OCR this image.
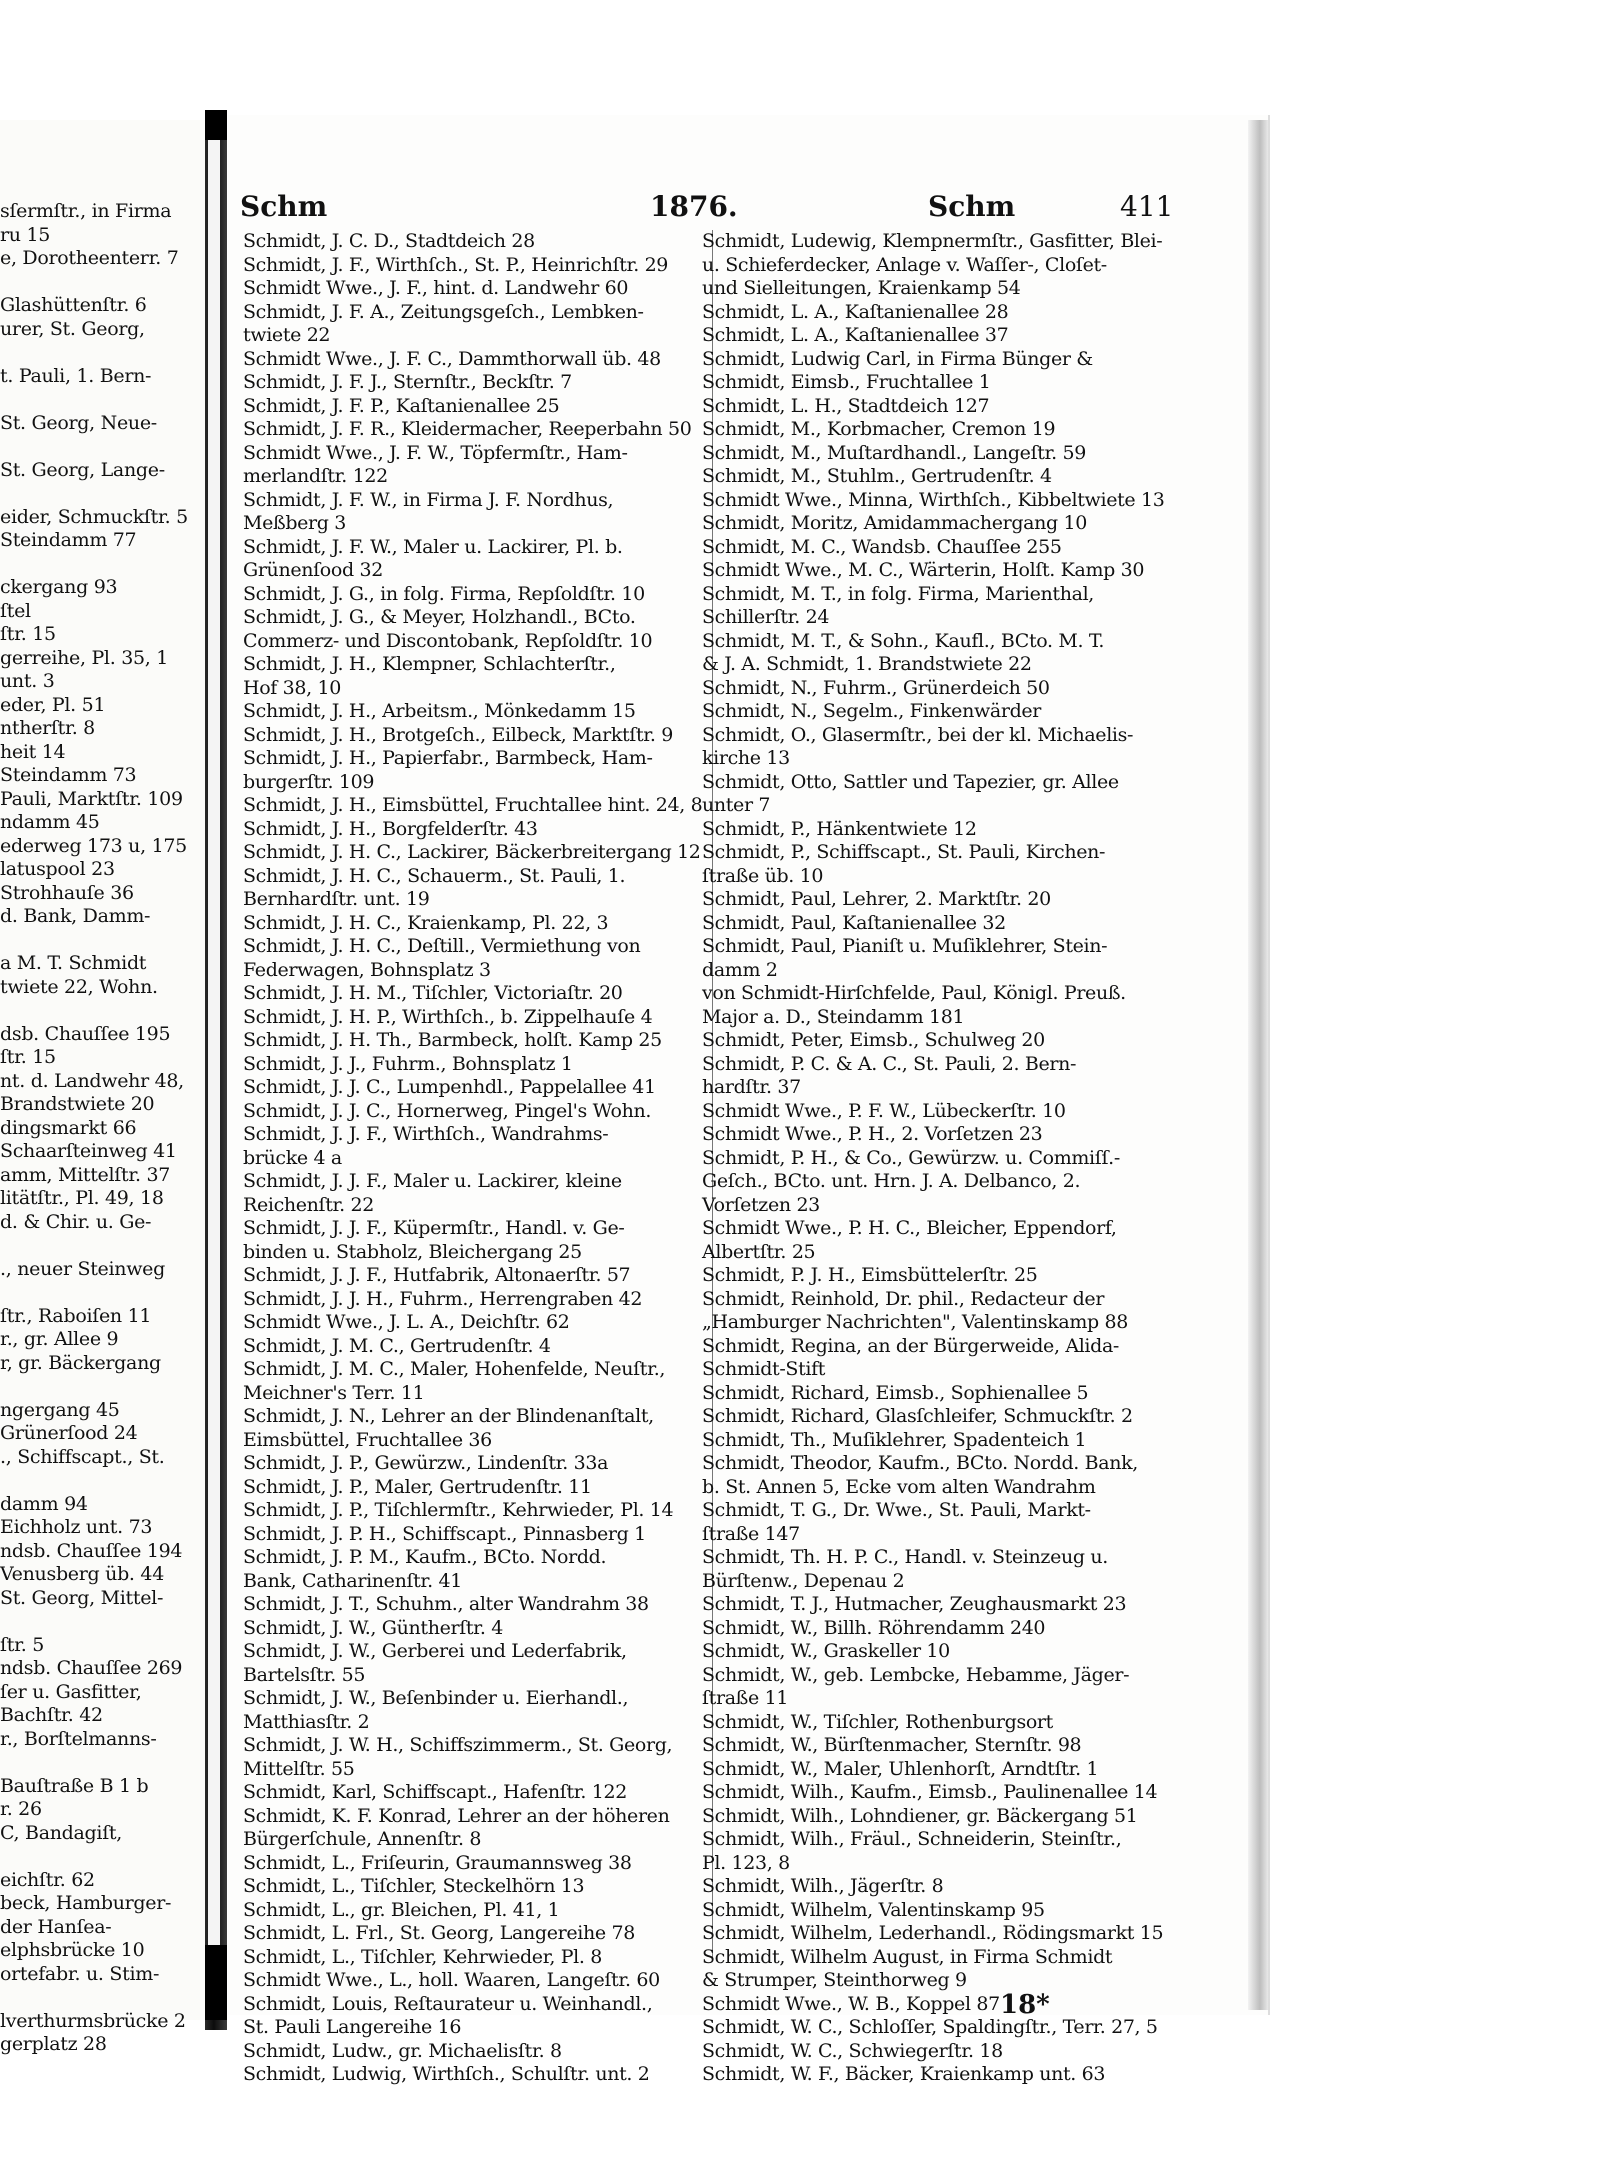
sſermſtr., in Firma
ru 15
e, Dorotheenterr. 7
Glashüttenſtr. 6
urer, St. Georg,
t. Pauli, 1. Bern-
St. Georg, Neue-
St. Georg, Lange-
eider, Schmuckſtr. 5
Steindamm 77
ckergang 93
ſtel
ſtr. 15
gerreihe, Pl. 35, 1
unt. 3
eder, Pl. 51
ntherſtr. 8
heit 14
Steindamm 73
Pauli, Marktſtr. 109
ndamm 45
ederweg 173 u, 175
latuspool 23
Strohhauſe 36
d. Bank, Damm-
a M. T. Schmidt
twiete 22, Wohn.
dsb. Chauſſee 195
ſtr. 15
nt. d. Landwehr 48,
Brandstwiete 20
dingsmarkt 66
Schaarſteinweg 41
amm, Mittelſtr. 37
litätſtr., Pl. 49, 18
d. & Chir. u. Ge-
., neuer Steinweg
ſtr., Raboiſen 11
r., gr. Allee 9
r, gr. Bäckergang
ngergang 45
Grünerſood 24
., Schiffscapt., St.
damm 94
Eichholz unt. 73
ndsb. Chauſſee 194
Venusberg üb. 44
St. Georg, Mittel-
ſtr. 5
ndsb. Chauſſee 269
ſer u. Gasfitter,
Bachſtr. 42
r., Borſtelmanns-
Bauſtraße B 1 b
r. 26
C, Bandagiſt,
eichſtr. 62
beck, Hamburger-
der Hanſea-
elphsbrücke 10
ortefabr. u. Stim-
lverthurmsbrücke 2
gerplatz 28
Schm	1876.	Schm	411
Schmidt, J. C. D., Stadtdeich 28
Schmidt, J. F., Wirthſch., St. P., Heinrichſtr. 29
Schmidt Wwe., J. F., hint. d. Landwehr 60
Schmidt, J. F. A., Zeitungsgeſch., Lembken-
twiete 22
Schmidt Wwe., J. F. C., Dammthorwall üb. 48
Schmidt, J. F. J., Sternſtr., Beckſtr. 7
Schmidt, J. F. P., Kaſtanienallee 25
Schmidt, J. F. R., Kleidermacher, Reeperbahn 50
Schmidt Wwe., J. F. W., Töpfermſtr., Ham-
merlandſtr. 122
Schmidt, J. F. W., in Firma J. F. Nordhus,
Meßberg 3
Schmidt, J. F. W., Maler u. Lackirer, Pl. b.
Grünenſood 32
Schmidt, J. G., in folg. Firma, Repſoldſtr. 10
Schmidt, J. G., & Meyer, Holzhandl., BCto.
Commerz- und Discontobank, Repſoldſtr. 10
Schmidt, J. H., Klempner, Schlachterſtr.,
Hof 38, 10
Schmidt, J. H., Arbeitsm., Mönkedamm 15
Schmidt, J. H., Brotgeſch., Eilbeck, Marktſtr. 9
Schmidt, J. H., Papierfabr., Barmbeck, Ham-
burgerſtr. 109
Schmidt, J. H., Eimsbüttel, Fruchtallee hint. 24, 8
Schmidt, J. H., Borgfelderſtr. 43
Schmidt, J. H. C., Lackirer, Bäckerbreitergang 12
Schmidt, J. H. C., Schauerm., St. Pauli, 1.
Bernhardſtr. unt. 19
Schmidt, J. H. C., Kraienkamp, Pl. 22, 3
Schmidt, J. H. C., Deſtill., Vermiethung von
Federwagen, Bohnsplatz 3
Schmidt, J. H. M., Tiſchler, Victoriaſtr. 20
Schmidt, J. H. P., Wirthſch., b. Zippelhauſe 4
Schmidt, J. H. Th., Barmbeck, holſt. Kamp 25
Schmidt, J. J., Fuhrm., Bohnsplatz 1
Schmidt, J. J. C., Lumpenhdl., Pappelallee 41
Schmidt, J. J. C., Hornerweg, Pingel's Wohn.
Schmidt, J. J. F., Wirthſch., Wandrahms-
brücke 4 a
Schmidt, J. J. F., Maler u. Lackirer, kleine
Reichenſtr. 22
Schmidt, J. J. F., Küpermſtr., Handl. v. Ge-
binden u. Stabholz, Bleichergang 25
Schmidt, J. J. F., Hutfabrik, Altonaerſtr. 57
Schmidt, J. J. H., Fuhrm., Herrengraben 42
Schmidt Wwe., J. L. A., Deichſtr. 62
Schmidt, J. M. C., Gertrudenſtr. 4
Schmidt, J. M. C., Maler, Hohenfelde, Neuſtr.,
Meichner's Terr. 11
Schmidt, J. N., Lehrer an der Blindenanſtalt,
Eimsbüttel, Fruchtallee 36
Schmidt, J. P., Gewürzw., Lindenſtr. 33a
Schmidt, J. P., Maler, Gertrudenſtr. 11
Schmidt, J. P., Tiſchlermſtr., Kehrwieder, Pl. 14
Schmidt, J. P. H., Schiffscapt., Pinnasberg 1
Schmidt, J. P. M., Kaufm., BCto. Nordd.
Bank, Catharinenſtr. 41
Schmidt, J. T., Schuhm., alter Wandrahm 38
Schmidt, J. W., Güntherſtr. 4
Schmidt, J. W., Gerberei und Lederfabrik,
Bartelsſtr. 55
Schmidt, J. W., Beſenbinder u. Eierhandl.,
Matthiasſtr. 2
Schmidt, J. W. H., Schiffszimmerm., St. Georg,
Mittelſtr. 55
Schmidt, Karl, Schiffscapt., Hafenſtr. 122
Schmidt, K. F. Konrad, Lehrer an der höheren
Bürgerſchule, Annenſtr. 8
Schmidt, L., Friſeurin, Graumannsweg 38
Schmidt, L., Tiſchler, Steckelhörn 13
Schmidt, L., gr. Bleichen, Pl. 41, 1
Schmidt, L. Frl., St. Georg, Langereihe 78
Schmidt, L., Tiſchler, Kehrwieder, Pl. 8
Schmidt Wwe., L., holl. Waaren, Langeſtr. 60
Schmidt, Louis, Reſtaurateur u. Weinhandl.,
St. Pauli Langereihe 16
Schmidt, Ludw., gr. Michaelisſtr. 8
Schmidt, Ludwig, Wirthſch., Schulſtr. unt. 2
Schmidt, Ludewig, Klempnermſtr., Gasfitter, Blei-
u. Schieferdecker, Anlage v. Waſſer-, Cloſet-
und Sielleitungen, Kraienkamp 54
Schmidt, L. A., Kaſtanienallee 28
Schmidt, L. A., Kaſtanienallee 37
Schmidt, Ludwig Carl, in Firma Bünger &
Schmidt, Eimsb., Fruchtallee 1
Schmidt, L. H., Stadtdeich 127
Schmidt, M., Korbmacher, Cremon 19
Schmidt, M., Muſtardhandl., Langeſtr. 59
Schmidt, M., Stuhlm., Gertrudenſtr. 4
Schmidt Wwe., Minna, Wirthſch., Kibbeltwiete 13
Schmidt, Moritz, Amidammachergang 10
Schmidt, M. C., Wandsb. Chauſſee 255
Schmidt Wwe., M. C., Wärterin, Holſt. Kamp 30
Schmidt, M. T., in folg. Firma, Marienthal,
Schillerſtr. 24
Schmidt, M. T., & Sohn., Kaufl., BCto. M. T.
& J. A. Schmidt, 1. Brandstwiete 22
Schmidt, N., Fuhrm., Grünerdeich 50
Schmidt, N., Segelm., Finkenwärder
Schmidt, O., Glasermſtr., bei der kl. Michaelis-
kirche 13
Schmidt, Otto, Sattler und Tapezier, gr. Allee
unter 7
Schmidt, P., Hänkentwiete 12
Schmidt, P., Schiffscapt., St. Pauli, Kirchen-
ſtraße üb. 10
Schmidt, Paul, Lehrer, 2. Marktſtr. 20
Schmidt, Paul, Kaſtanienallee 32
Schmidt, Paul, Pianiſt u. Muſiklehrer, Stein-
damm 2
von Schmidt-Hirſchfelde, Paul, Königl. Preuß.
Major a. D., Steindamm 181
Schmidt, Peter, Eimsb., Schulweg 20
Schmidt, P. C. & A. C., St. Pauli, 2. Bern-
hardſtr. 37
Schmidt Wwe., P. F. W., Lübeckerſtr. 10
Schmidt Wwe., P. H., 2. Vorſetzen 23
Schmidt, P. H., & Co., Gewürzw. u. Commiſſ.-
Geſch., BCto. unt. Hrn. J. A. Delbanco, 2.
Vorſetzen 23
Schmidt Wwe., P. H. C., Bleicher, Eppendorf,
Albertſtr. 25
Schmidt, P. J. H., Eimsbüttelerſtr. 25
Schmidt, Reinhold, Dr. phil., Redacteur der
„Hamburger Nachrichten", Valentinskamp 88
Schmidt, Regina, an der Bürgerweide, Alida-
Schmidt-Stift
Schmidt, Richard, Eimsb., Sophienallee 5
Schmidt, Richard, Glasſchleifer, Schmuckſtr. 2
Schmidt, Th., Muſiklehrer, Spadenteich 1
Schmidt, Theodor, Kaufm., BCto. Nordd. Bank,
b. St. Annen 5, Ecke vom alten Wandrahm
Schmidt, T. G., Dr. Wwe., St. Pauli, Markt-
ſtraße 147
Schmidt, Th. H. P. C., Handl. v. Steinzeug u.
Bürſtenw., Depenau 2
Schmidt, T. J., Hutmacher, Zeughausmarkt 23
Schmidt, W., Billh. Röhrendamm 240
Schmidt, W., Graskeller 10
Schmidt, W., geb. Lembcke, Hebamme, Jäger-
ſtraße 11
Schmidt, W., Tiſchler, Rothenburgsort
Schmidt, W., Bürſtenmacher, Sternſtr. 98
Schmidt, W., Maler, Uhlenhorſt, Arndtſtr. 1
Schmidt, Wilh., Kaufm., Eimsb., Paulinenallee 14
Schmidt, Wilh., Lohndiener, gr. Bäckergang 51
Schmidt, Wilh., Fräul., Schneiderin, Steinſtr.,
Pl. 123, 8
Schmidt, Wilh., Jägerſtr. 8
Schmidt, Wilhelm, Valentinskamp 95
Schmidt, Wilhelm, Lederhandl., Rödingsmarkt 15
Schmidt, Wilhelm August, in Firma Schmidt
& Strumper, Steinthorweg 9
Schmidt Wwe., W. B., Koppel 87
Schmidt, W. C., Schloſſer, Spaldingſtr., Terr. 27, 5
Schmidt, W. C., Schwiegerſtr. 18
Schmidt, W. F., Bäcker, Kraienkamp unt. 63
18*
